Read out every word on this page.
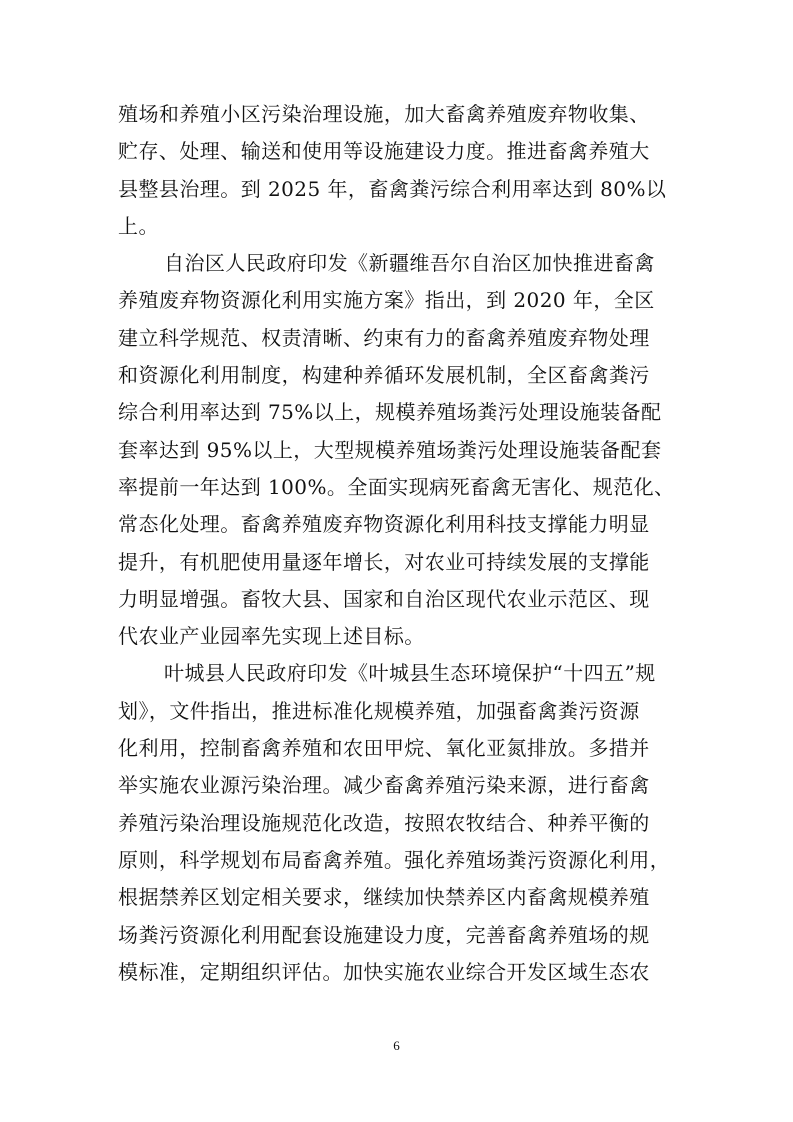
殖场和养殖小区污染治理设施，加大畜禽养殖废弃物收集、
贮存、处理、输送和使用等设施建设力度。推进畜禽养殖大
县整县治理。到 2025 年，畜禽粪污综合利用率达到 80%以
上。
自治区人民政府印发《新疆维吾尔自治区加快推进畜禽
养殖废弃物资源化利用实施方案》指出，到 2020 年，全区
建立科学规范、权责清晰、约束有力的畜禽养殖废弃物处理
和资源化利用制度，构建种养循环发展机制，全区畜禽粪污
综合利用率达到 75%以上，规模养殖场粪污处理设施装备配
套率达到 95%以上，大型规模养殖场粪污处理设施装备配套
率提前一年达到 100%。全面实现病死畜禽无害化、规范化、
常态化处理。畜禽养殖废弃物资源化利用科技支撑能力明显
提升，有机肥使用量逐年增长，对农业可持续发展的支撑能
力明显增强。畜牧大县、国家和自治区现代农业示范区、现
代农业产业园率先实现上述目标。
叶城县人民政府印发《叶城县生态环境保护“十四五”规
划》，文件指出，推进标准化规模养殖，加强畜禽粪污资源
化利用，控制畜禽养殖和农田甲烷、氧化亚氮排放。多措并
举实施农业源污染治理。减少畜禽养殖污染来源，进行畜禽
养殖污染治理设施规范化改造，按照农牧结合、种养平衡的
原则，科学规划布局畜禽养殖。强化养殖场粪污资源化利用，
根据禁养区划定相关要求，继续加快禁养区内畜禽规模养殖
场粪污资源化利用配套设施建设力度，完善畜禽养殖场的规
模标准，定期组织评估。加快实施农业综合开发区域生态农
6
